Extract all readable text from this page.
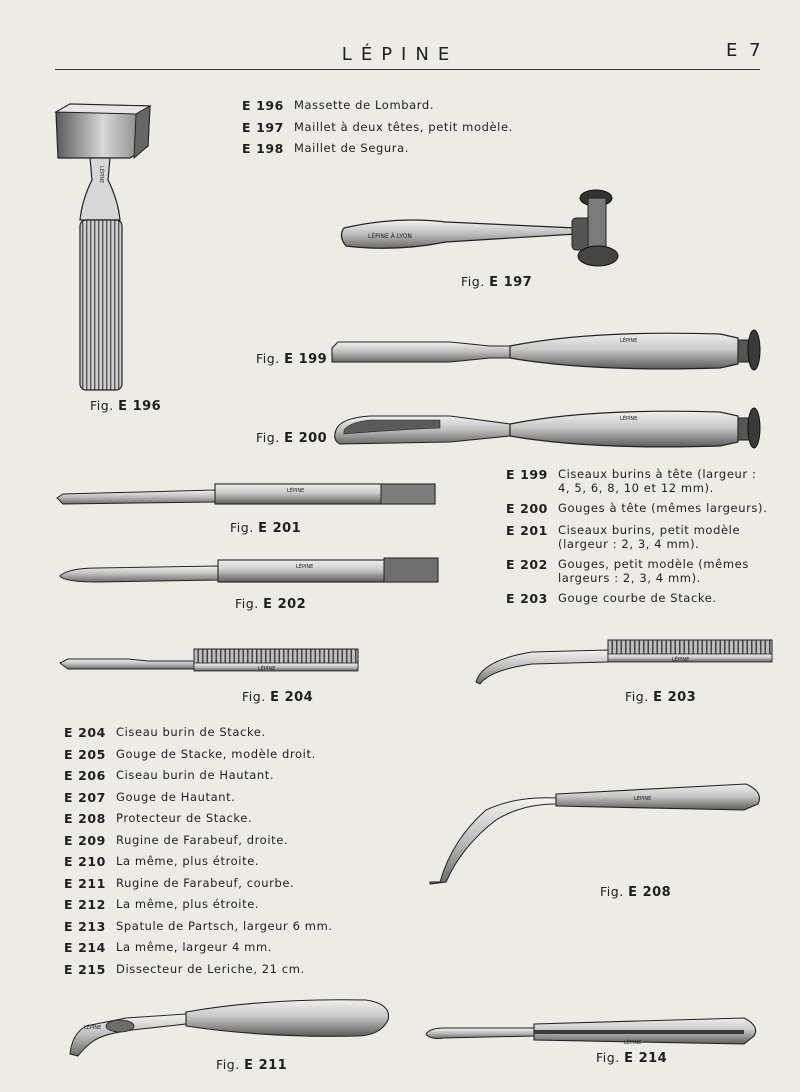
LÉPINE	E 7
E 196 Massette de Lombard.
E 197 Maillet à deux têtes, petit modèle.
E 198 Maillet de Segura.
LÉPINE
Fig. E 196
LÉPINE À LYON
Fig. E 197
Fig. E 199
LÉPINE
Fig. E 200
LÉPINE
E 199 Ciseaux burins à tête (largeur : 4, 5, 6, 8, 10 et 12 mm).
E 200 Gouges à tête (mêmes largeurs).
E 201 Ciseaux burins, petit modèle (largeur : 2, 3, 4 mm).
E 202 Gouges, petit modèle (mêmes largeurs : 2, 3, 4 mm).
E 203 Gouge courbe de Stacke.
LÉPINE
Fig. E 201
LÉPINE
Fig. E 202
LÉPINE
Fig. E 204
LÉPINE
Fig. E 203
E 204 Ciseau burin de Stacke.
E 205 Gouge de Stacke, modèle droit.
E 206 Ciseau burin de Hautant.
E 207 Gouge de Hautant.
E 208 Protecteur de Stacke.
E 209 Rugine de Farabeuf, droite.
E 210 La même, plus étroite.
E 211 Rugine de Farabeuf, courbe.
E 212 La même, plus étroite.
E 213 Spatule de Partsch, largeur 6 mm.
E 214 La même, largeur 4 mm.
E 215 Dissecteur de Leriche, 21 cm.
LÉPINE
Fig. E 208
LÉPINE
Fig. E 211
LÉPINE
Fig. E 214
